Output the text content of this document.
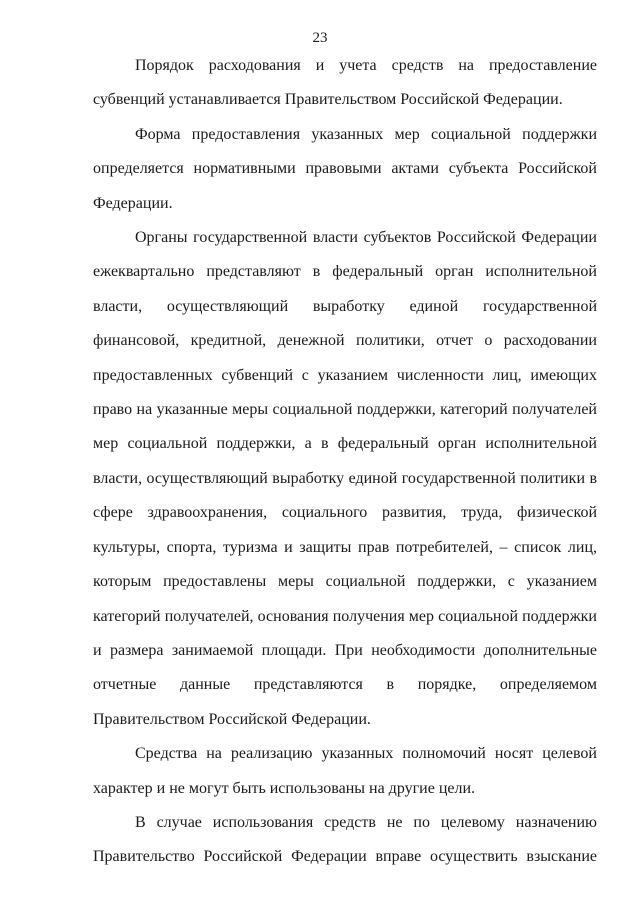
23

Порядок расходования и учета средств на предоставление субвенций устанавливается Правительством Российской Федерации.

Форма предоставления указанных мер социальной поддержки определяется нормативными правовыми актами субъекта Российской Федерации.

Органы государственной власти субъектов Российской Федерации ежеквартально представляют в федеральный орган исполнительной власти, осуществляющий выработку единой государственной финансовой, кредитной, денежной политики, отчет о расходовании предоставленных субвенций с указанием численности лиц, имеющих право на указанные меры социальной поддержки, категорий получателей мер социальной поддержки, а в федеральный орган исполнительной власти, осуществляющий выработку единой государственной политики в сфере здравоохранения, социального развития, труда, физической культуры, спорта, туризма и защиты прав потребителей, – список лиц, которым предоставлены меры социальной поддержки, с указанием категорий получателей, основания получения мер социальной поддержки и размера занимаемой площади. При необходимости дополнительные отчетные данные представляются в порядке, определяемом Правительством Российской Федерации.

Средства на реализацию указанных полномочий носят целевой характер и не могут быть использованы на другие цели.

В случае использования средств не по целевому назначению Правительство Российской Федерации вправе осуществить взыскание
